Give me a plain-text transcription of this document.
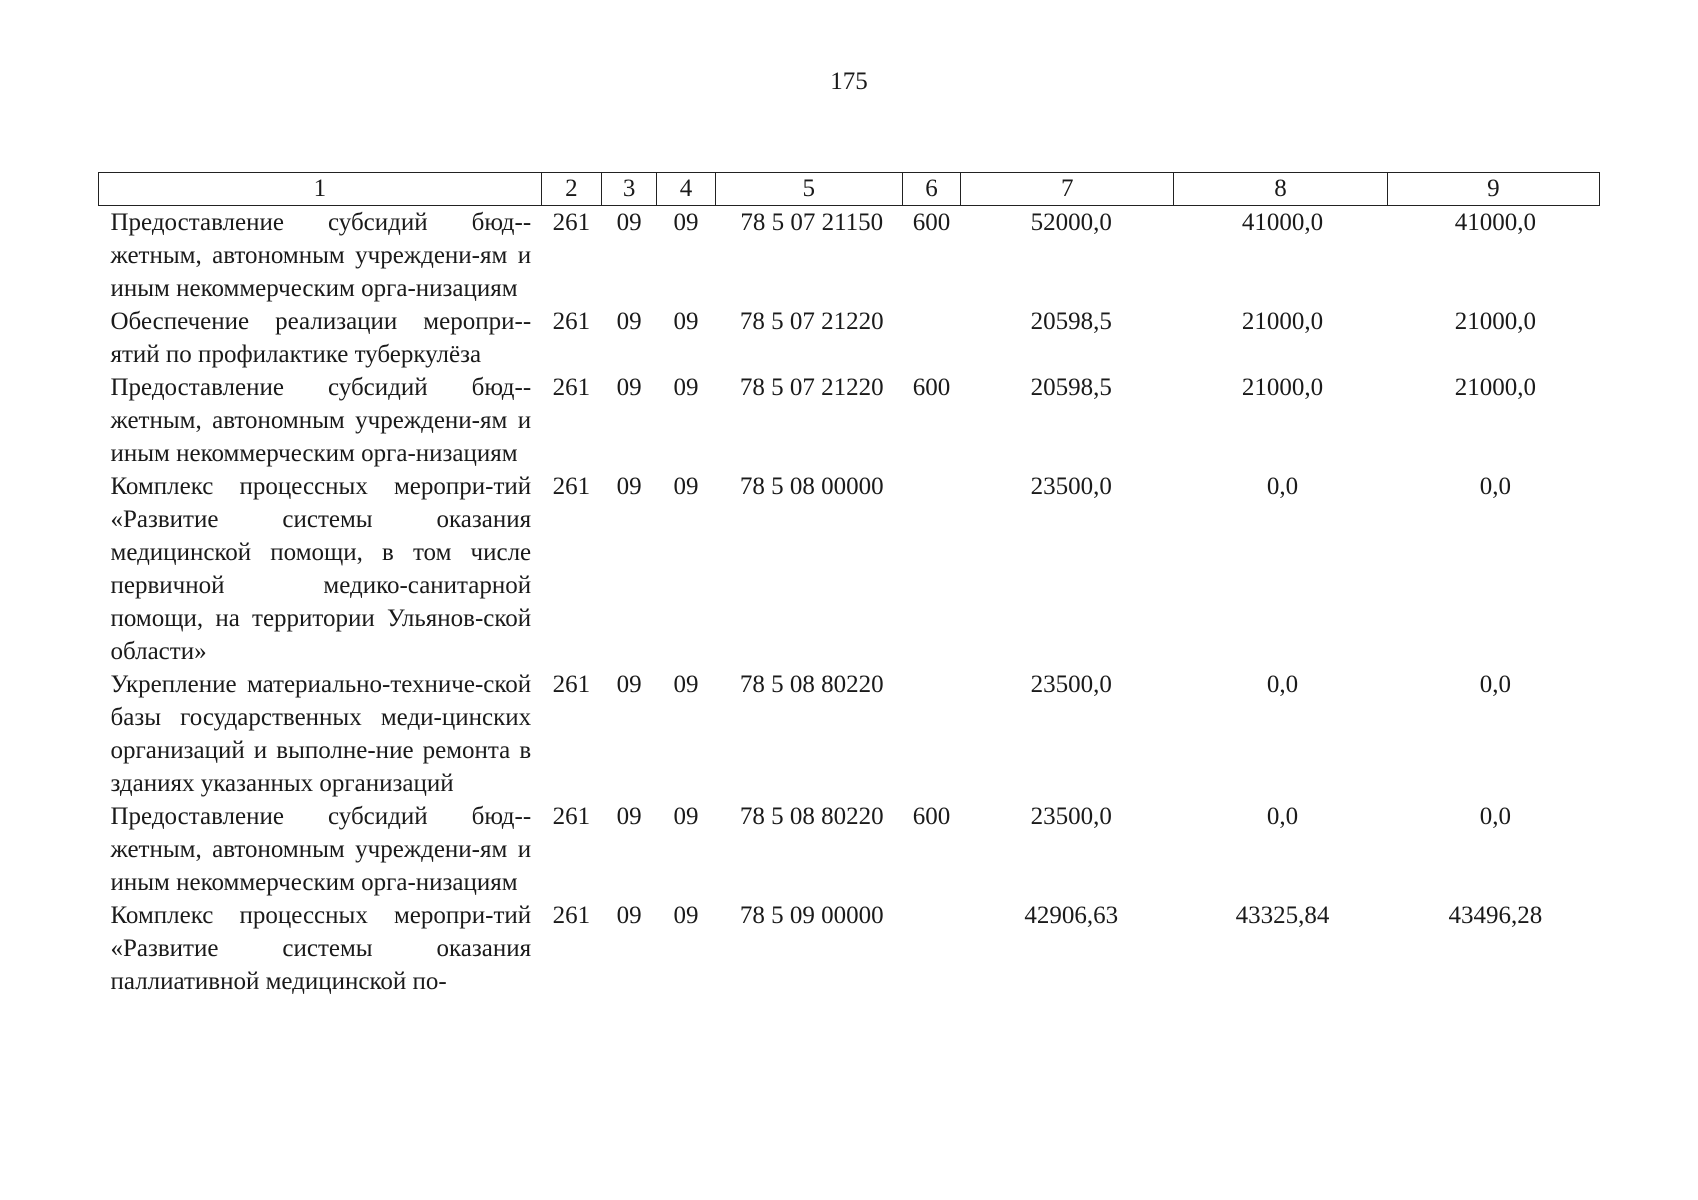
175
1	2	3	4	5	6	7	8	9
Предоставление субсидий бюд-жетным, автономным учреждени-ям и иным некоммерческим орга-низациям	261	09	09	78 5 07 21150	600	52000,0	41000,0	41000,0
Обеспечение реализации меропри-ятий по профилактике туберкулёза	261	09	09	78 5 07 21220		20598,5	21000,0	21000,0
Предоставление субсидий бюд-жетным, автономным учреждени-ям и иным некоммерческим орга-низациям	261	09	09	78 5 07 21220	600	20598,5	21000,0	21000,0
Комплекс процессных меропри-тий «Развитие системы оказания медицинской помощи, в том числе первичной медико-санитарной помощи, на территории Ульянов-ской области»	261	09	09	78 5 08 00000		23500,0	0,0	0,0
Укрепление материально-техниче-ской базы государственных меди-цинских организаций и выполне-ние ремонта в зданиях указанных организаций	261	09	09	78 5 08 80220		23500,0	0,0	0,0
Предоставление субсидий бюд-жетным, автономным учреждени-ям и иным некоммерческим орга-низациям	261	09	09	78 5 08 80220	600	23500,0	0,0	0,0
Комплекс процессных меропри-тий «Развитие системы оказания паллиативной медицинской по-	261	09	09	78 5 09 00000		42906,63	43325,84	43496,28
